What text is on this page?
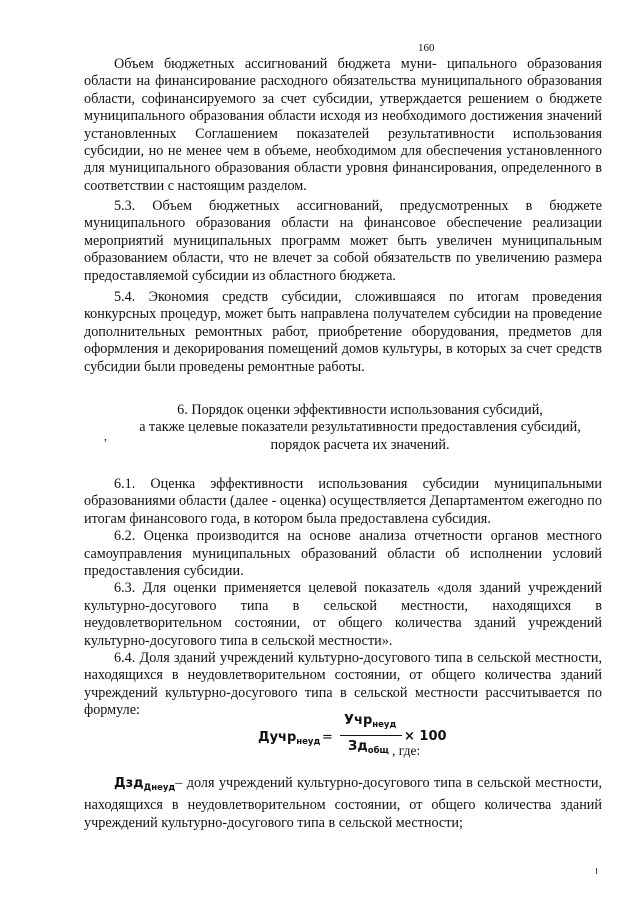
160

Объем бюджетных ассигнований бюджета муни- ципального образования области на финансирование расходного обязательства муниципального образования области, софинансируемого за счет субсидии, утверждается решением о бюджете муниципального образования области исходя из необходимого достижения значений установленных Соглашением показателей результативности использования субсидии, но не менее чем в объеме, необходимом для обеспечения установленного для муниципального образования области уровня финансирования, определенного в соответствии с настоящим разделом.

5.3. Объем бюджетных ассигнований, предусмотренных в бюджете муниципального образования области на финансовое обеспечение реализации мероприятий муниципальных программ может быть увеличен муниципальным образованием области, что не влечет за собой обязательств по увеличению размера предоставляемой субсидии из областного бюджета.

5.4. Экономия средств субсидии, сложившаяся по итогам проведения конкурсных процедур, может быть направлена получателем субсидии на проведение дополнительных ремонтных работ, приобретение оборудования, предметов для оформления и декорирования помещений домов культуры, в которых за счет средств субсидии были проведены ремонтные работы.

,
6. Порядок оценки эффективности использования субсидий,
а также целевые показатели результативности предоставления субсидий,
порядок расчета их значений.

6.1. Оценка эффективности использования субсидии муниципальными образованиями области (далее - оценка) осуществляется Департаментом ежегодно по итогам финансового года, в котором была предоставлена субсидия.

6.2. Оценка производится на основе анализа отчетности органов местного самоуправления муниципальных образований области об исполнении условий предоставления субсидии.

6.3. Для оценки применяется целевой показатель «доля зданий учреждений культурно-досугового типа в сельской местности, находящихся в неудовлетворительном состоянии, от общего количества зданий учреждений культурно-досугового типа в сельской местности».

6.4. Доля зданий учреждений культурно-досугового типа в сельской местности, находящихся в неудовлетворительном состоянии, от общего количества зданий учреждений культурно-досугового типа в сельской местности рассчитывается по формуле:

Дучр$_{неуд}$ =
Учр$_{неуд}$
$Зд_{общ}$
× 100
, где:

Дзд$_{Днеуд}$– доля учреждений культурно-досугового типа в сельской местности, находящихся в неудовлетворительном состоянии, от общего количества зданий учреждений культурно-досугового типа в сельской местности;
